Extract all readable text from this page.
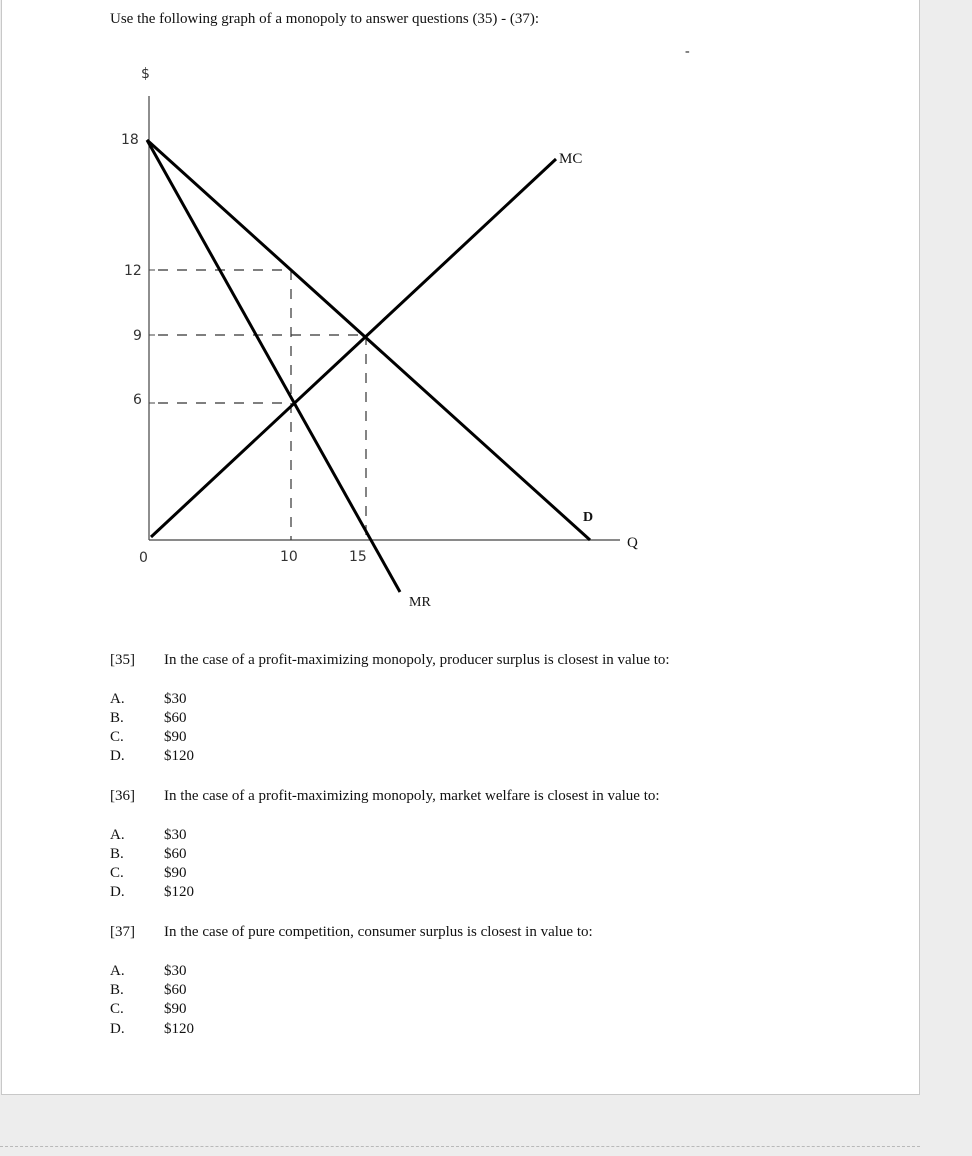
Use the following graph of a monopoly to answer questions (35) - (37):
-
$
Q
18
12
9
6
0	10	15
MC
D
MR
[35] In the case of a profit-maximizing monopoly, producer surplus is closest in value to:
A.	$30
B.	$60
C.	$90
D.	$120
[36] In the case of a profit-maximizing monopoly, market welfare is closest in value to:
A.	$30
B.	$60
C.	$90
D.	$120
[37] In the case of pure competition, consumer surplus is closest in value to:
A.	$30
B.	$60
C.	$90
D.	$120
